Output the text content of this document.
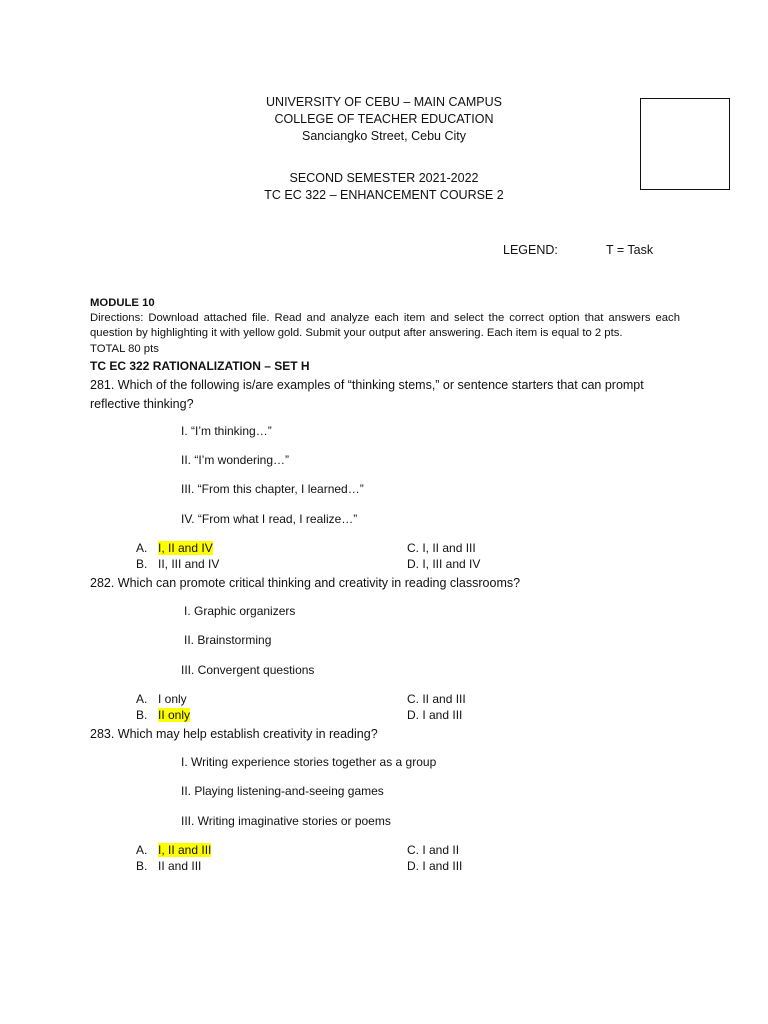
UNIVERSITY OF CEBU – MAIN CAMPUS
COLLEGE OF TEACHER EDUCATION
Sanciangko Street, Cebu City
SECOND SEMESTER 2021-2022
TC EC 322 – ENHANCEMENT COURSE 2
LEGEND:	T = Task
MODULE 10
Directions: Download attached file. Read and analyze each item and select the correct option that answers each question by highlighting it with yellow gold. Submit your output after answering. Each item is equal to 2 pts.
TOTAL 80 pts
TC EC 322 RATIONALIZATION – SET H
281. Which of the following is/are examples of “thinking stems,” or sentence starters that can prompt reflective thinking?
I. “I’m thinking…”
II. “I’m wondering…”
III. “From this chapter, I learned…”
IV. “From what I read, I realize…”
A. I, II and IV	C. I, II and III
B. II, III and IV	D. I, III and IV
282. Which can promote critical thinking and creativity in reading classrooms?
I. Graphic organizers
II. Brainstorming
III. Convergent questions
A. I only	C. II and III
B. II only	D. I and III
283. Which may help establish creativity in reading?
I. Writing experience stories together as a group
II. Playing listening-and-seeing games
III. Writing imaginative stories or poems
A. I, II and III	C. I and II
B. II and III	D. I and III
